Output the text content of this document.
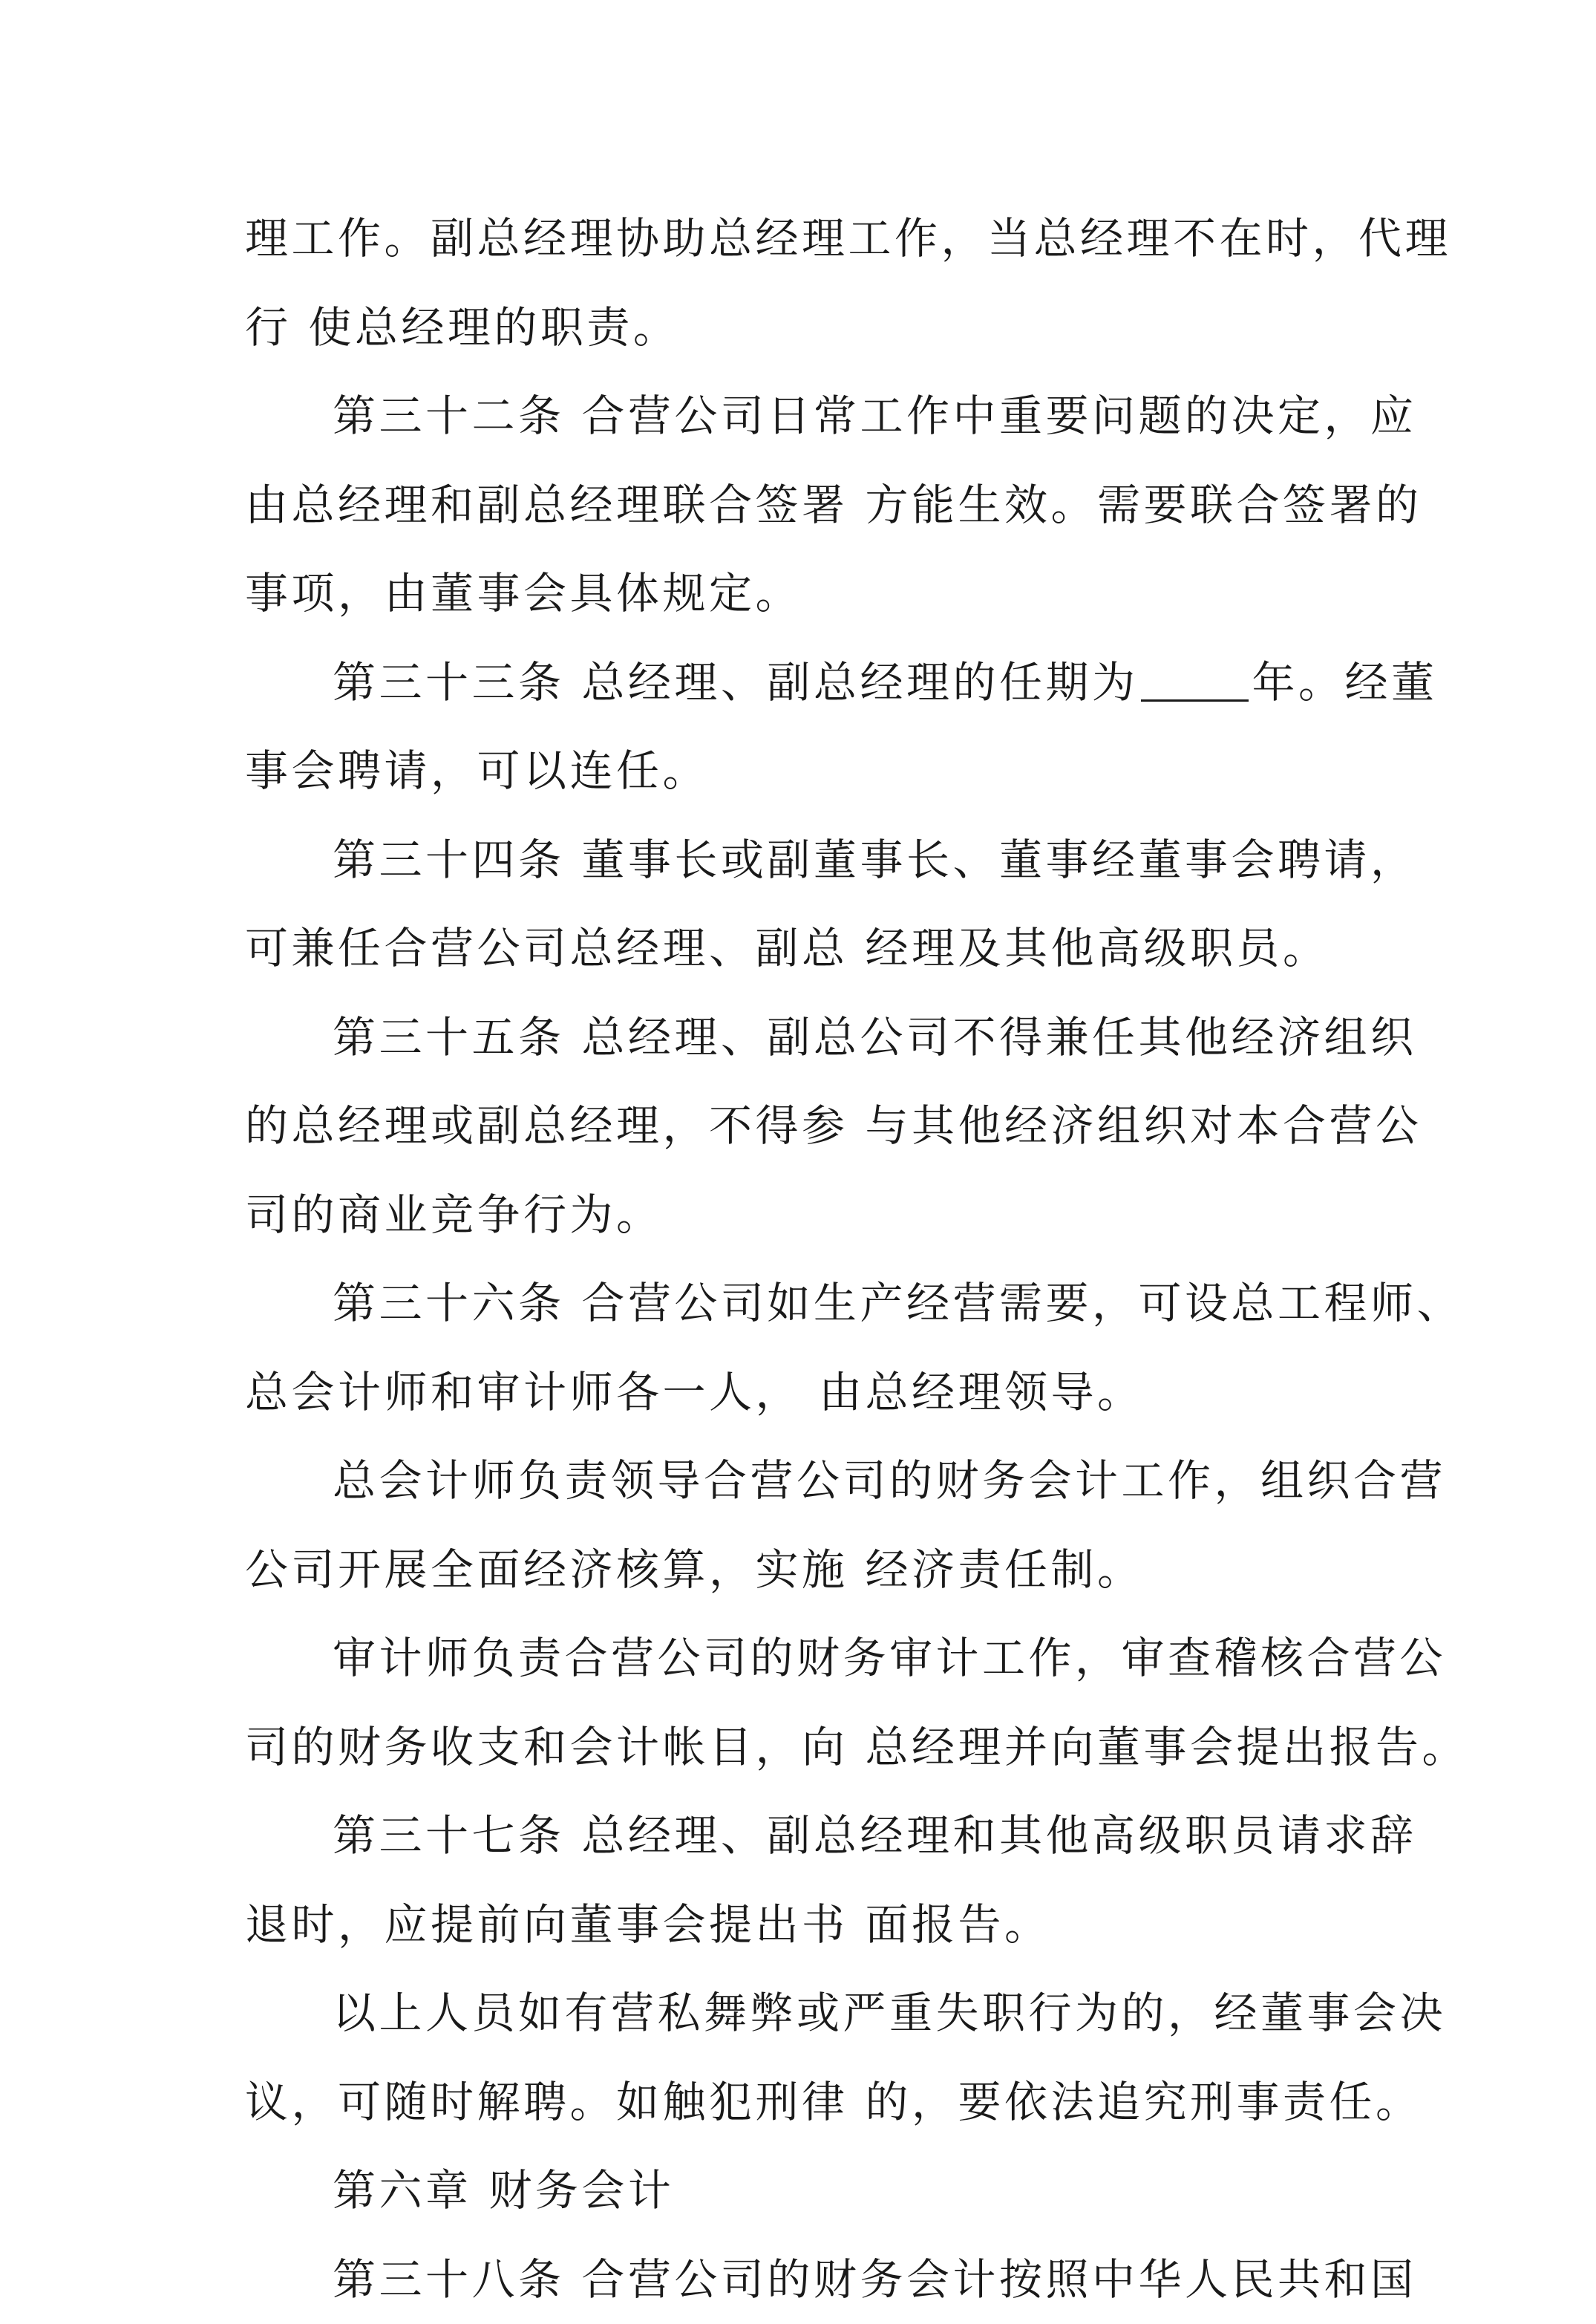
理工作。副总经理协助总经理工作，当总经理不在时，代理
行 使总经理的职责。
第三十二条 合营公司日常工作中重要问题的决定，应
由总经理和副总经理联合签署 方能生效。需要联合签署的
事项，由董事会具体规定。
第三十三条 总经理、副总经理的任期为	年。经董
事会聘请，可以连任。
第三十四条 董事长或副董事长、董事经董事会聘请，
可兼任合营公司总经理、副总 经理及其他高级职员。
第三十五条 总经理、副总公司不得兼任其他经济组织
的总经理或副总经理，不得参 与其他经济组织对本合营公
司的商业竞争行为。
第三十六条 合营公司如生产经营需要，可设总工程师、
总会计师和审计师各一人， 由总经理领导。
总会计师负责领导合营公司的财务会计工作，组织合营
公司开展全面经济核算，实施 经济责任制。
审计师负责合营公司的财务审计工作，审查稽核合营公
司的财务收支和会计帐目，向 总经理并向董事会提出报告。
第三十七条 总经理、副总经理和其他高级职员请求辞
退时，应提前向董事会提出书 面报告。
以上人员如有营私舞弊或严重失职行为的，经董事会决
议，可随时解聘。如触犯刑律 的，要依法追究刑事责任。
第六章 财务会计
第三十八条 合营公司的财务会计按照中华人民共和国
